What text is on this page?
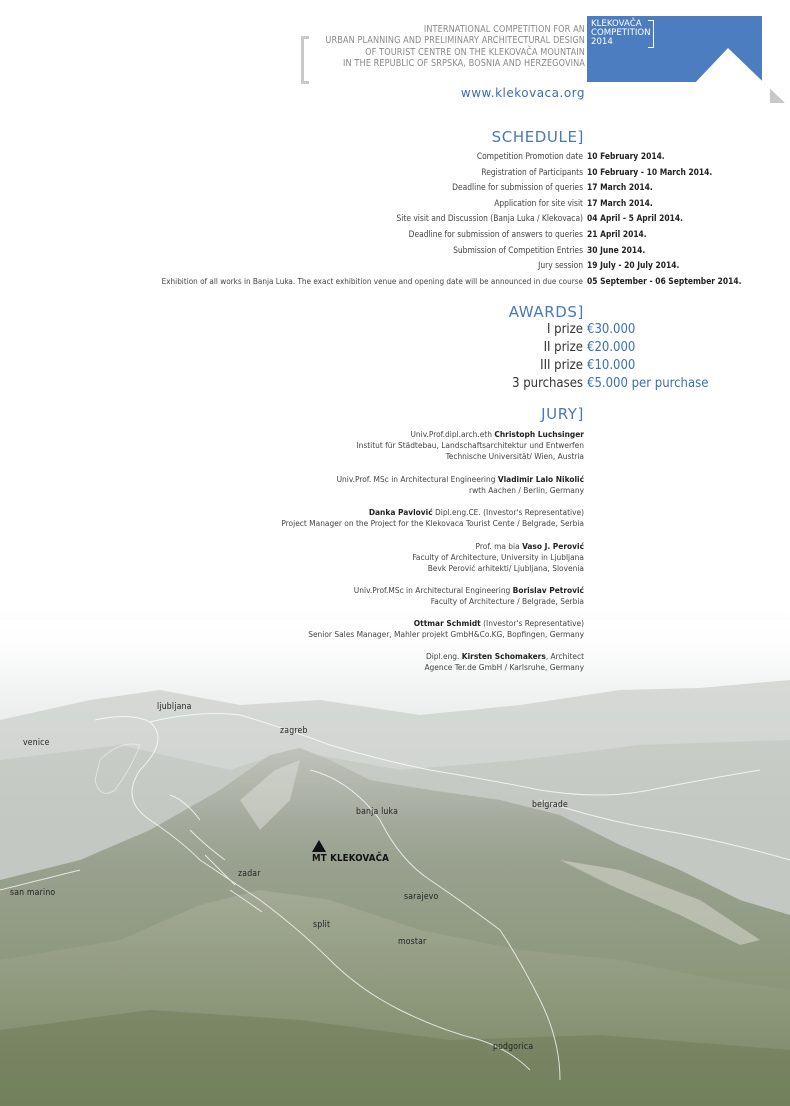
INTERNATIONAL COMPETITION FOR AN
URBAN PLANNING AND PRELIMINARY ARCHITECTURAL DESIGN
OF TOURIST CENTRE ON THE KLEKOVAČA MOUNTAIN
IN THE REPUBLIC OF SRPSKA, BOSNIA AND HERZEGOVINA
www.klekovaca.org
KLEKOVAČA
COMPETITION
2014
SCHEDULE]
Competition Promotion date 10 February 2014.
Registration of Participants 10 February - 10 March 2014.
Deadline for submission of queries 17 March 2014.
Application for site visit 17 March 2014.
Site visit and Discussion (Banja Luka / Klekovaca) 04 April - 5 April 2014.
Deadline for submission of answers to queries 21 April 2014.
Submission of Competition Entries 30 June 2014.
Jury session 19 July - 20 July 2014.
Exhibition of all works in Banja Luka. The exact exhibition venue and opening date will be announced in due course 05 September - 06 September 2014.
AWARDS]
I prize €30.000
II prize €20.000
III prize €10.000
3 purchases €5.000 per purchase
JURY]
Univ.Prof.dipl.arch.eth Christoph Luchsinger
Institut für Städtebau, Landschaftsarchitektur und Entwerfen
Technische Universität/ Wien, Austria
Univ.Prof. MSc in Architectural Engineering Vladimir Lalo Nikolić
rwth Aachen / Berlin, Germany
Danka Pavlović Dipl.eng.CE. (Investor's Representative)
Project Manager on the Project for the Klekovaca Tourist Cente / Belgrade, Serbia
Prof. ma bia Vaso J. Perović
Faculty of Architecture, University in Ljubljana
Bevk Perović arhitekti/ Ljubljana, Slovenia
Univ.Prof.MSc in Architectural Engineering Borislav Petrović
Faculty of Architecture / Belgrade, Serbia
Ottmar Schmidt (Investor's Representative)
Senior Sales Manager, Mahler projekt GmbH&Co.KG, Bopfingen, Germany
Dipl.eng. Kirsten Schomakers, Architect
Agence Ter.de GmbH / Karlsruhe, Germany
ljubljana
zagreb
venice
belgrade
banja luka
MT KLEKOVAČA
zadar
san marino	sarajevo
split
mostar
podgorica
